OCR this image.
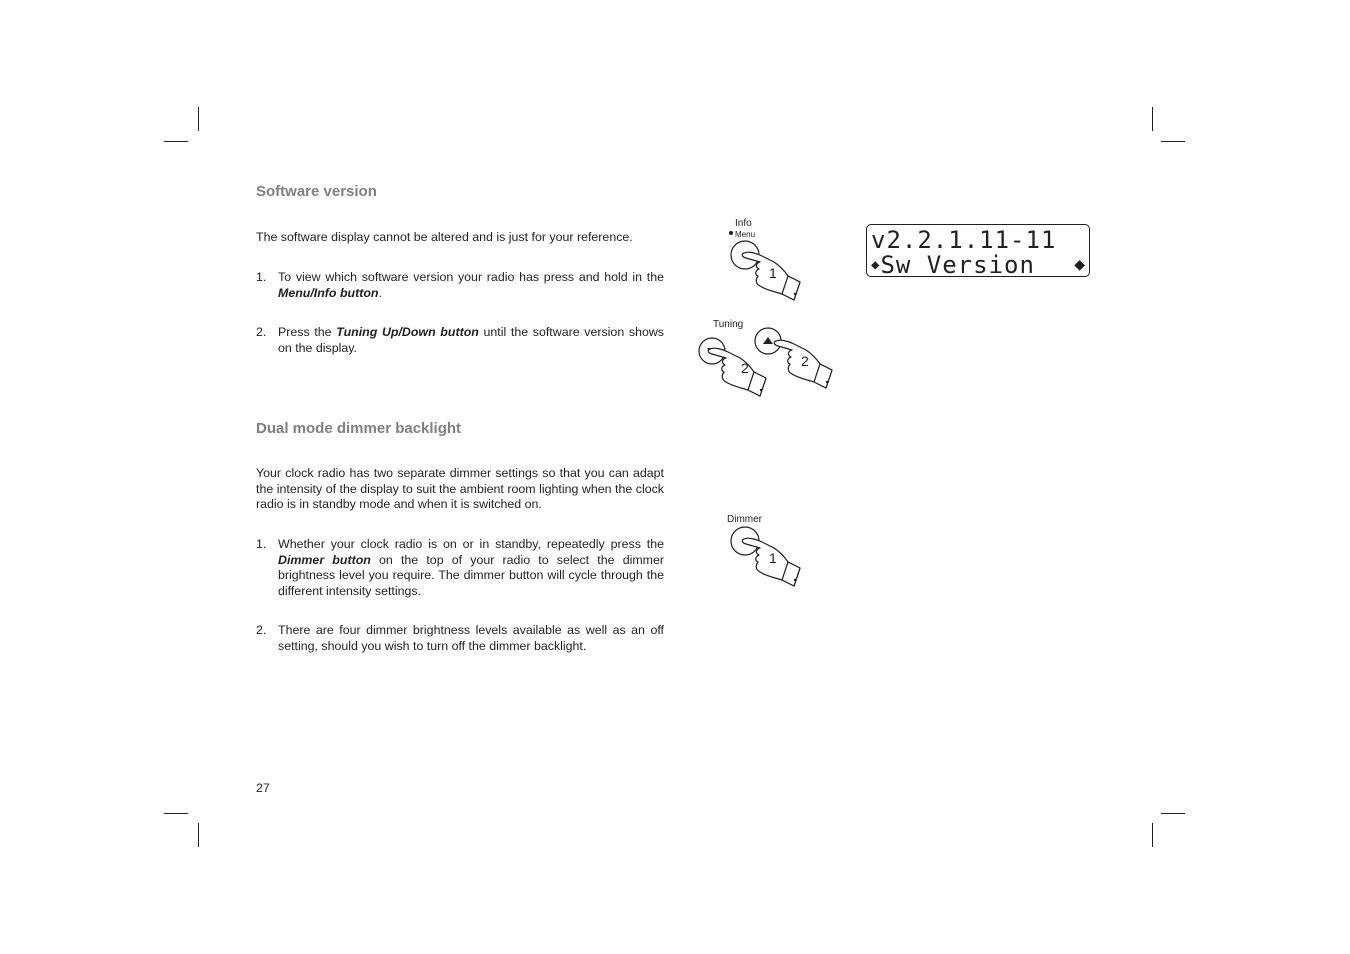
Software version

The software display cannot be altered and is just for your reference.

1. To view which software version your radio has press and hold in the Menu/Info button.
2. Press the Tuning Up/Down button until the software version shows on the display.
Dual mode dimmer backlight

Your clock radio has two separate dimmer settings so that you can adapt the intensity of the display to suit the ambient room lighting when the clock radio is in standby mode and when it is switched on.

1. Whether your clock radio is on or in standby, repeatedly press the Dimmer button on the top of your radio to select the dimmer brightness level you require. The dimmer button will cycle through the different intensity settings.
2. There are four dimmer brightness levels available as well as an off setting, should you wish to turn off the dimmer backlight.
27
Info
Menu
1
Tuning
2	2
Dimmer
1
v2.2.1.11-11
◆Sw Version	◆
